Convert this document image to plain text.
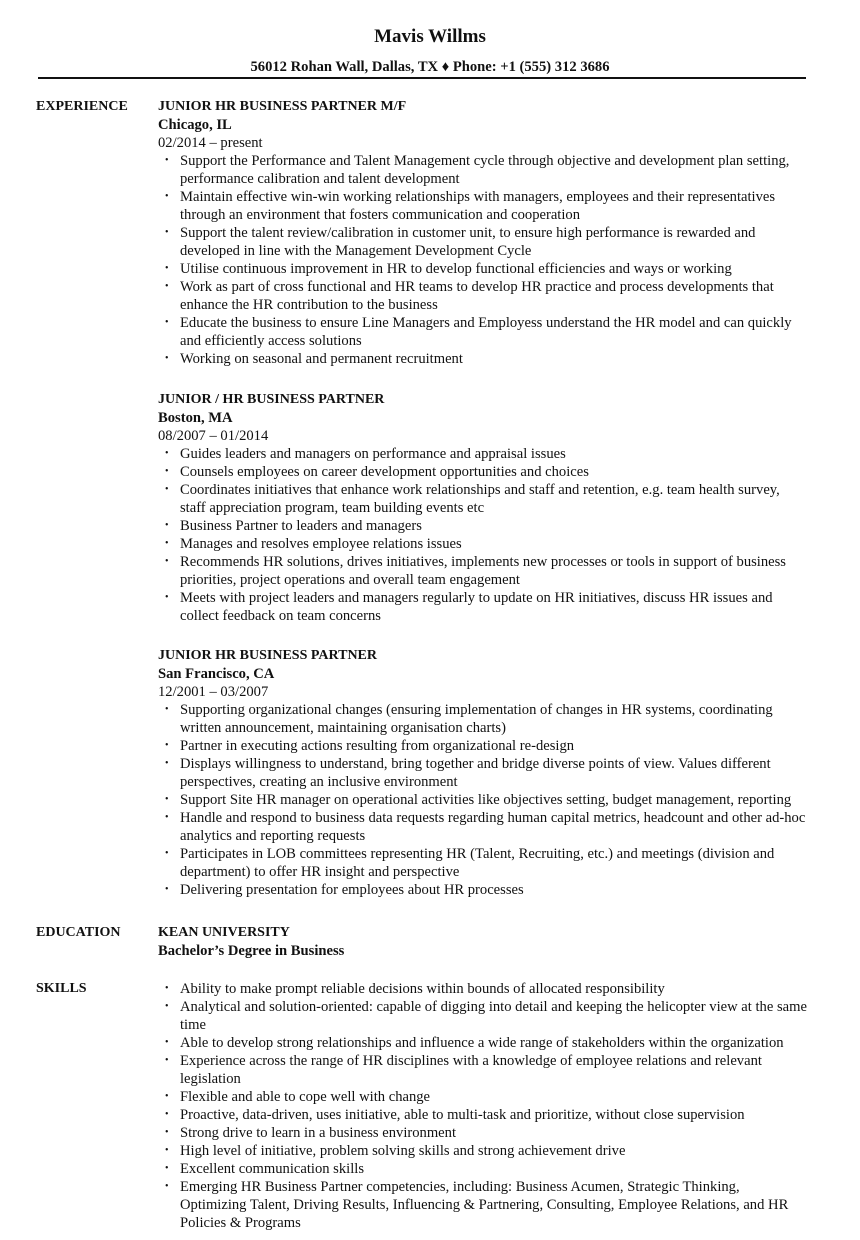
Mavis Willms
56012 Rohan Wall, Dallas, TX ♦ Phone: +1 (555) 312 3686
EXPERIENCE JUNIOR HR BUSINESS PARTNER M/F
Chicago, IL
02/2014 – present
• Support the Performance and Talent Management cycle through objective and development plan setting, performance calibration and talent development
• Maintain effective win-win working relationships with managers, employees and their representatives through an environment that fosters communication and cooperation
• Support the talent review/calibration in customer unit, to ensure high performance is rewarded and developed in line with the Management Development Cycle
• Utilise continuous improvement in HR to develop functional efficiencies and ways or working
• Work as part of cross functional and HR teams to develop HR practice and process developments that enhance the HR contribution to the business
• Educate the business to ensure Line Managers and Employess understand the HR model and can quickly and efficiently access solutions
• Working on seasonal and permanent recruitment
JUNIOR / HR BUSINESS PARTNER
Boston, MA
08/2007 – 01/2014
• Guides leaders and managers on performance and appraisal issues
• Counsels employees on career development opportunities and choices
• Coordinates initiatives that enhance work relationships and staff and retention, e.g. team health survey, staff appreciation program, team building events etc
• Business Partner to leaders and managers
• Manages and resolves employee relations issues
• Recommends HR solutions, drives initiatives, implements new processes or tools in support of business priorities, project operations and overall team engagement
• Meets with project leaders and managers regularly to update on HR initiatives, discuss HR issues and collect feedback on team concerns
JUNIOR HR BUSINESS PARTNER
San Francisco, CA
12/2001 – 03/2007
• Supporting organizational changes (ensuring implementation of changes in HR systems, coordinating written announcement, maintaining organisation charts)
• Partner in executing actions resulting from organizational re-design
• Displays willingness to understand, bring together and bridge diverse points of view. Values different perspectives, creating an inclusive environment
• Support Site HR manager on operational activities like objectives setting, budget management, reporting
• Handle and respond to business data requests regarding human capital metrics, headcount and other ad-hoc analytics and reporting requests
• Participates in LOB committees representing HR (Talent, Recruiting, etc.) and meetings (division and department) to offer HR insight and perspective
• Delivering presentation for employees about HR processes
EDUCATION	KEAN UNIVERSITY
Bachelor’s Degree in Business
SKILLS	• Ability to make prompt reliable decisions within bounds of allocated responsibility
• Analytical and solution-oriented: capable of digging into detail and keeping the helicopter view at the same time
• Able to develop strong relationships and influence a wide range of stakeholders within the organization
• Experience across the range of HR disciplines with a knowledge of employee relations and relevant legislation
• Flexible and able to cope well with change
• Proactive, data-driven, uses initiative, able to multi-task and prioritize, without close supervision
• Strong drive to learn in a business environment
• High level of initiative, problem solving skills and strong achievement drive
• Excellent communication skills
• Emerging HR Business Partner competencies, including: Business Acumen, Strategic Thinking, Optimizing Talent, Driving Results, Influencing & Partnering, Consulting, Employee Relations, and HR Policies & Programs
